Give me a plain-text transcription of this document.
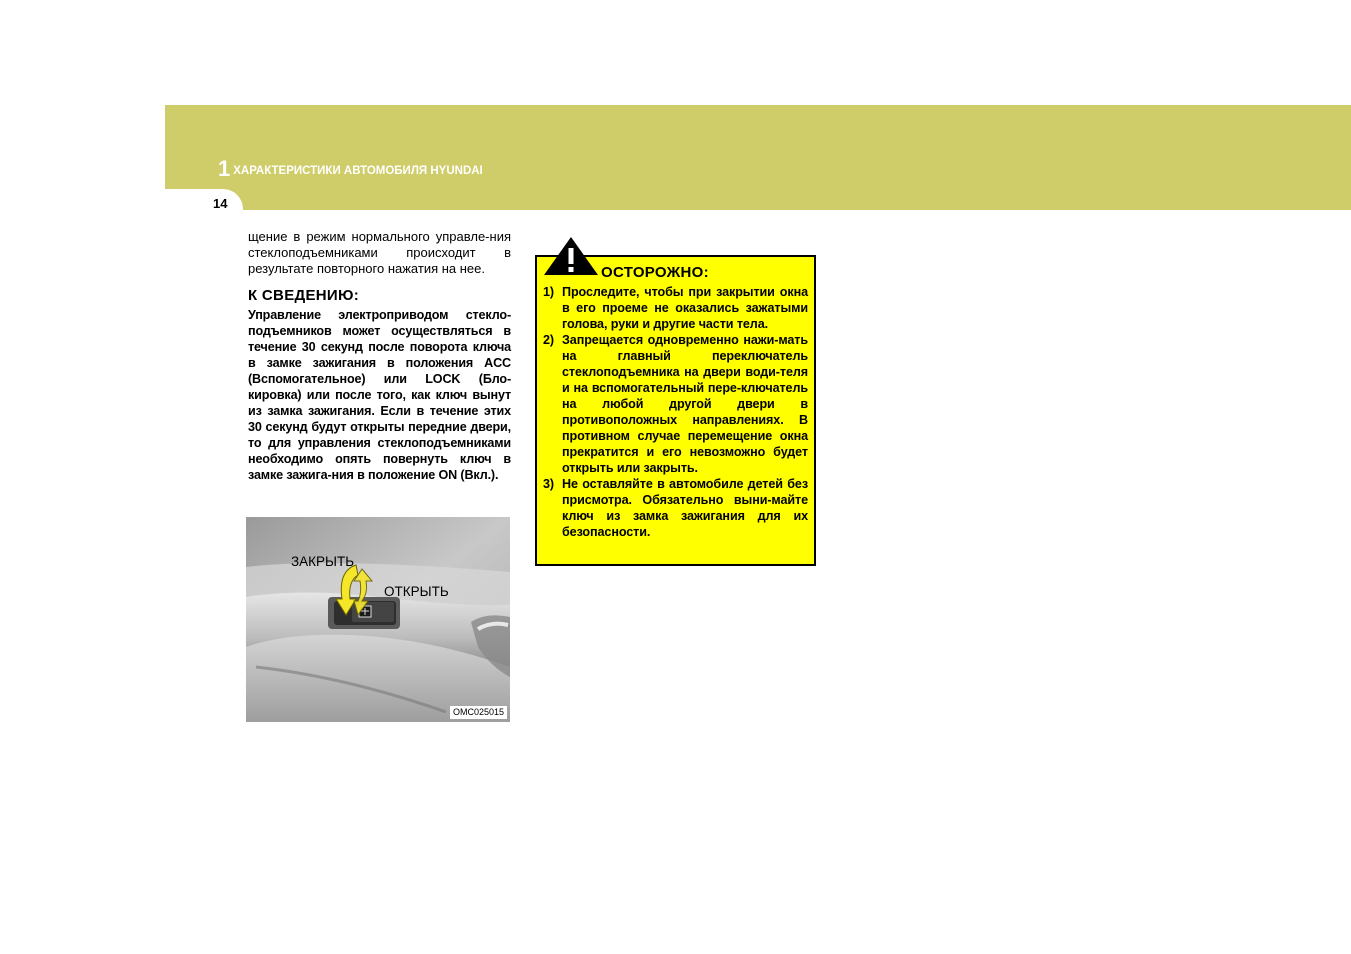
1 ХАРАКТЕРИСТИКИ АВТОМОБИЛЯ HYUNDAI
14

щение в режим нормального управле-ния стеклоподъемниками происходит в результате повторного нажатия на нее.

К СВЕДЕНИЮ:

Управление электроприводом стекло-подъемников может осуществляться в течение 30 секунд после поворота ключа в замке зажигания в положения ACC (Вспомогательное) или LOCK (Бло-кировка) или после того, как ключ вынут из замка зажигания. Если в течение этих 30 секунд будут открыты передние двери, то для управления стеклоподъемниками необходимо опять повернуть ключ в замке зажига-ния в положение ON (Вкл.).

ЗАКРЫТЬ
ОТКРЫТЬ
OMC025015
ОСТОРОЖНО:
1) Проследите, чтобы при закрытии окна в его проеме не оказались зажатыми голова, руки и другие части тела.
2) Запрещается одновременно нажи-мать на главный переключатель стеклоподъемника на двери води-теля и на вспомогательный пере-ключатель на любой другой двери в противоположных направлениях. В противном случае перемещение окна прекратится и его невозможно будет открыть или закрыть.
3) Не оставляйте в автомобиле детей без присмотра. Обязательно выни-майте ключ из замка зажигания для их безопасности.
